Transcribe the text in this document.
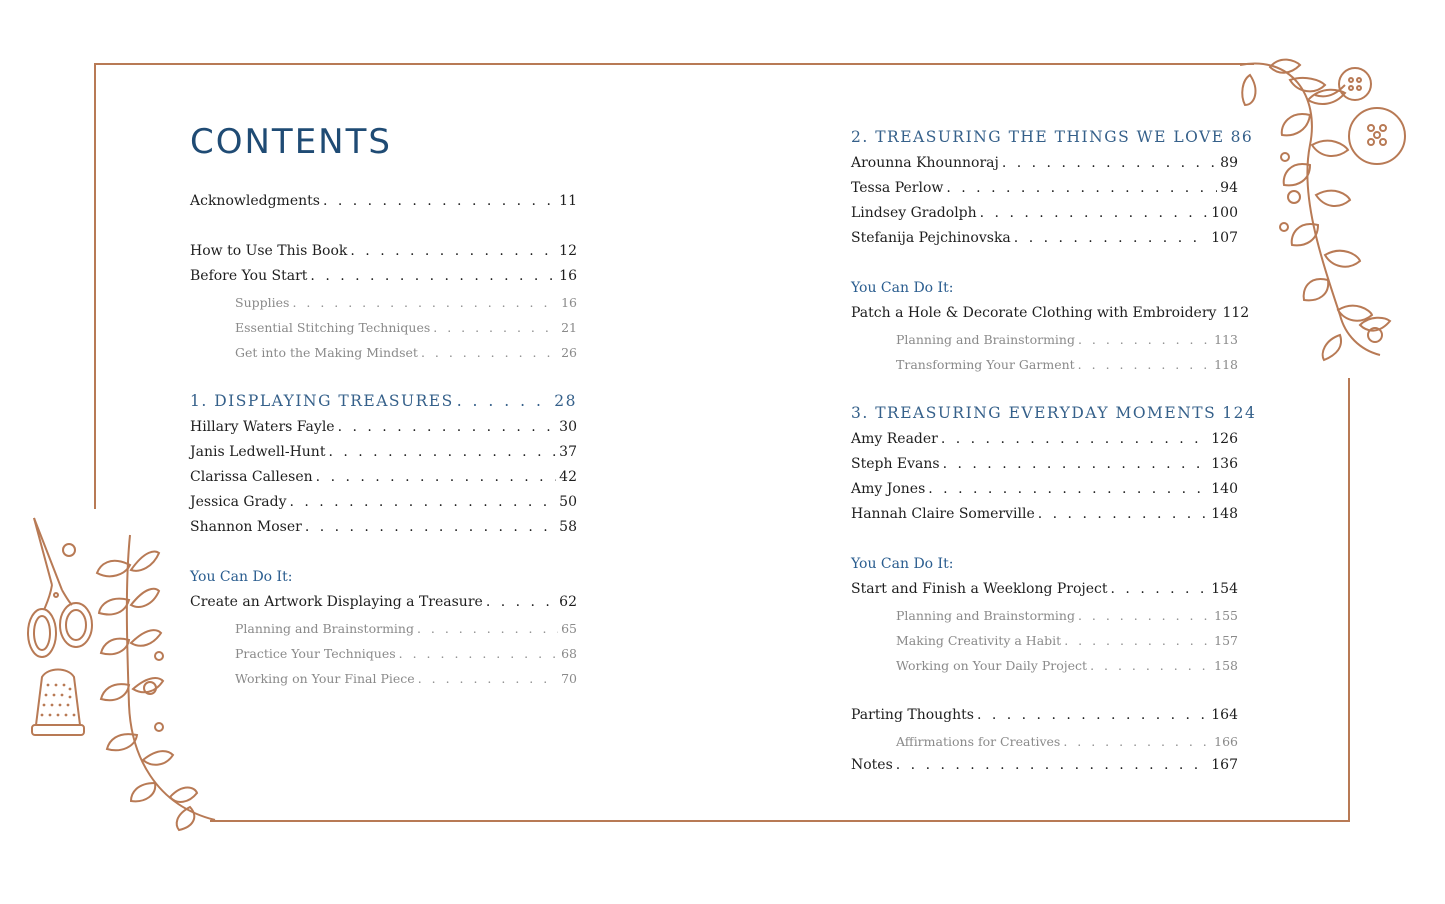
CONTENTS
Acknowledgments . . .	11
How to Use This Book . . .	12
Before You Start . . .	16
Supplies . . .	16
Essential Stitching Techniques . . .	21
Get into the Making Mindset . . .	26
1. DISPLAYING TREASURES . . .	28
Hillary Waters Fayle . . .	30
Janis Ledwell-Hunt . . .	37
Clarissa Callesen . . .	42
Jessica Grady . . .	50
Shannon Moser . . .	58
You Can Do It:
Create an Artwork Displaying a Treasure . . .	62
Planning and Brainstorming . . .	65
Practice Your Techniques . . .	68
Working on Your Final Piece . . .	70
2. TREASURING THE THINGS WE LOVE 86
Arounna Khounnoraj . . .	89
Tessa Perlow . . .	94
Lindsey Gradolph . . .	100
Stefanija Pejchinovska . . .	107
You Can Do It:
Patch a Hole & Decorate Clothing with Embroidery 112
Planning and Brainstorming . . .	113
Transforming Your Garment . . .	118
3. TREASURING EVERYDAY MOMENTS 124
Amy Reader . . .	126
Steph Evans . . .	136
Amy Jones . . .	140
Hannah Claire Somerville . . .	148
You Can Do It:
Start and Finish a Weeklong Project . . .	154
Planning and Brainstorming . . .	155
Making Creativity a Habit . . .	157
Working on Your Daily Project . . .	158
Parting Thoughts . . .	164
Affirmations for Creatives . . .	166
Notes . . .	167
